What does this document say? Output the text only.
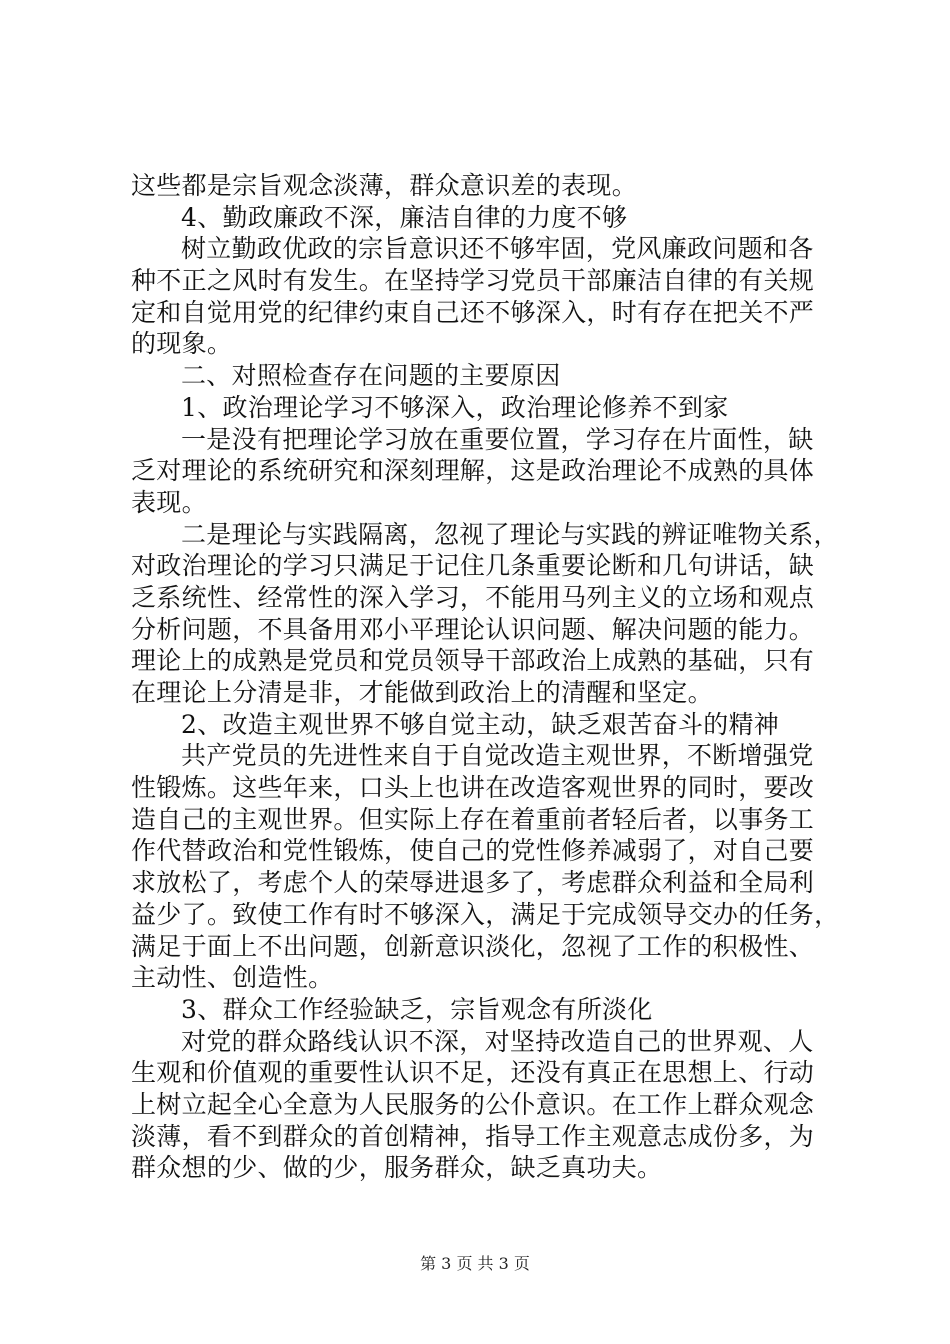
这些都是宗旨观念淡薄，群众意识差的表现。
4、勤政廉政不深，廉洁自律的力度不够
树立勤政优政的宗旨意识还不够牢固，党风廉政问题和各
种不正之风时有发生。在坚持学习党员干部廉洁自律的有关规
定和自觉用党的纪律约束自己还不够深入，时有存在把关不严
的现象。
二、对照检查存在问题的主要原因
1、政治理论学习不够深入，政治理论修养不到家
一是没有把理论学习放在重要位置，学习存在片面性，缺
乏对理论的系统研究和深刻理解，这是政治理论不成熟的具体
表现。
二是理论与实践隔离，忽视了理论与实践的辨证唯物关系，
对政治理论的学习只满足于记住几条重要论断和几句讲话，缺
乏系统性、经常性的深入学习，不能用马列主义的立场和观点
分析问题，不具备用邓小平理论认识问题、解决问题的能力。
理论上的成熟是党员和党员领导干部政治上成熟的基础，只有
在理论上分清是非，才能做到政治上的清醒和坚定。
2、改造主观世界不够自觉主动，缺乏艰苦奋斗的精神
共产党员的先进性来自于自觉改造主观世界，不断增强党
性锻炼。这些年来，口头上也讲在改造客观世界的同时，要改
造自己的主观世界。但实际上存在着重前者轻后者，以事务工
作代替政治和党性锻炼，使自己的党性修养减弱了，对自己要
求放松了，考虑个人的荣辱进退多了，考虑群众利益和全局利
益少了。致使工作有时不够深入，满足于完成领导交办的任务，
满足于面上不出问题，创新意识淡化，忽视了工作的积极性、
主动性、创造性。
3、群众工作经验缺乏，宗旨观念有所淡化
对党的群众路线认识不深，对坚持改造自己的世界观、人
生观和价值观的重要性认识不足，还没有真正在思想上、行动
上树立起全心全意为人民服务的公仆意识。在工作上群众观念
淡薄，看不到群众的首创精神，指导工作主观意志成份多，为
群众想的少、做的少，服务群众，缺乏真功夫。
第 3 页 共 3 页
